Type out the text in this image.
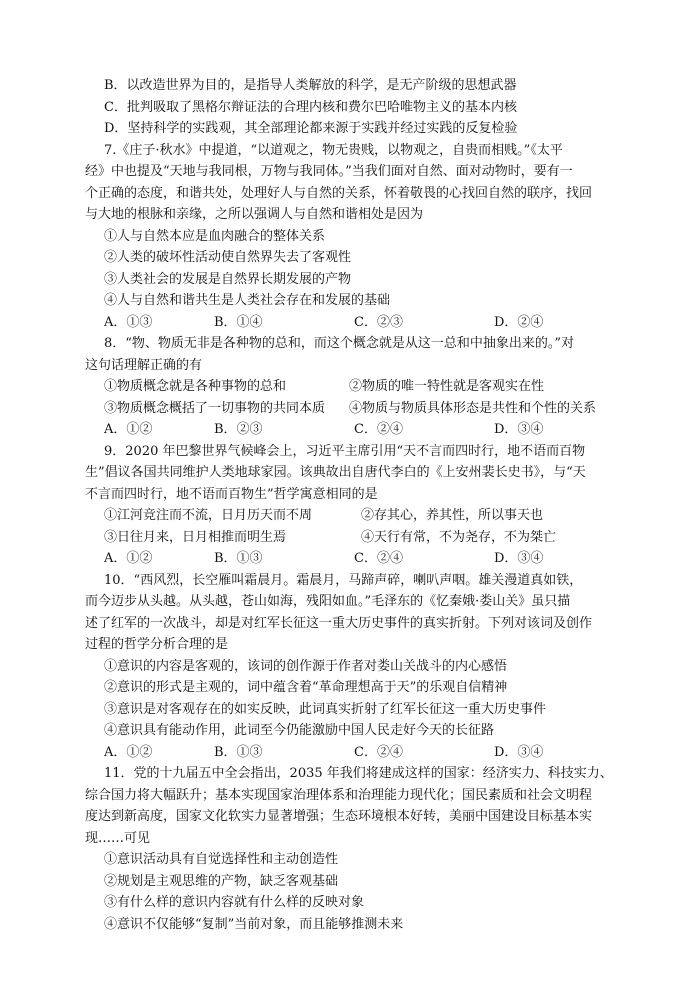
B．以改造世界为目的，是指导人类解放的科学，是无产阶级的思想武器
C．批判吸取了黑格尔辩证法的合理内核和费尔巴哈唯物主义的基本内核
D．坚持科学的实践观，其全部理论都来源于实践并经过实践的反复检验
7.《庄子·秋水》中提道，“以道观之，物无贵贱，以物观之，自贵而相贱。”《太平
经》中也提及“天地与我同根，万物与我同体。”当我们面对自然、面对动物时，要有一
个正确的态度，和谐共处，处理好人与自然的关系，怀着敬畏的心找回自然的联序，找回
与大地的根脉和亲缘，之所以强调人与自然和谐相处是因为
①人与自然本应是血肉融合的整体关系
②人类的破坏性活动使自然界失去了客观性
③人类社会的发展是自然界长期发展的产物
④人与自然和谐共生是人类社会存在和发展的基础
A．①③	B．①④	C．②③	D．②④
8．“物、物质无非是各种物的总和，而这个概念就是从这一总和中抽象出来的。”对
这句话理解正确的有
①物质概念就是各种事物的总和	②物质的唯一特性就是客观实在性
③物质概念概括了一切事物的共同本质 ④物质与物质具体形态是共性和个性的关系
A．①②	B．②③	C．②④	D．③④
9．2020 年巴黎世界气候峰会上，习近平主席引用“天不言而四时行，地不语而百物
生”倡议各国共同维护人类地球家园。该典故出自唐代李白的《上安州裴长史书》，与“天
不言而四时行，地不语而百物生”哲学寓意相同的是
①江河竞注而不流，日月历天而不周	②存其心，养其性，所以事天也
③日往月来，日月相推而明生焉	④天行有常，不为尧存，不为桀亡
A．①②	B．①③	C．②④	D．③④
10．“西风烈，长空雁叫霜晨月。霜晨月，马蹄声碎，喇叭声咽。雄关漫道真如铁，
而今迈步从头越。从头越，苍山如海，残阳如血。”毛泽东的《忆秦娥·娄山关》虽只描
述了红军的一次战斗，却是对红军长征这一重大历史事件的真实折射。下列对该词及创作
过程的哲学分析合理的是
①意识的内容是客观的，该词的创作源于作者对娄山关战斗的内心感悟
②意识的形式是主观的，词中蕴含着“革命理想高于天”的乐观自信精神
③意识是对客观存在的如实反映，此词真实折射了红军长征这一重大历史事件
④意识具有能动作用，此词至今仍能激励中国人民走好今天的长征路
A．①②	B．①③	C．②④	D．③④
11．党的十九届五中全会指出，2035 年我们将建成这样的国家：经济实力、科技实力、
综合国力将大幅跃升；基本实现国家治理体系和治理能力现代化；国民素质和社会文明程
度达到新高度，国家文化软实力显著增强；生态环境根本好转，美丽中国建设目标基本实
现……可见
①意识活动具有自觉选择性和主动创造性
②规划是主观思维的产物，缺乏客观基础
③有什么样的意识内容就有什么样的反映对象
④意识不仅能够“复制”当前对象，而且能够推测未来
